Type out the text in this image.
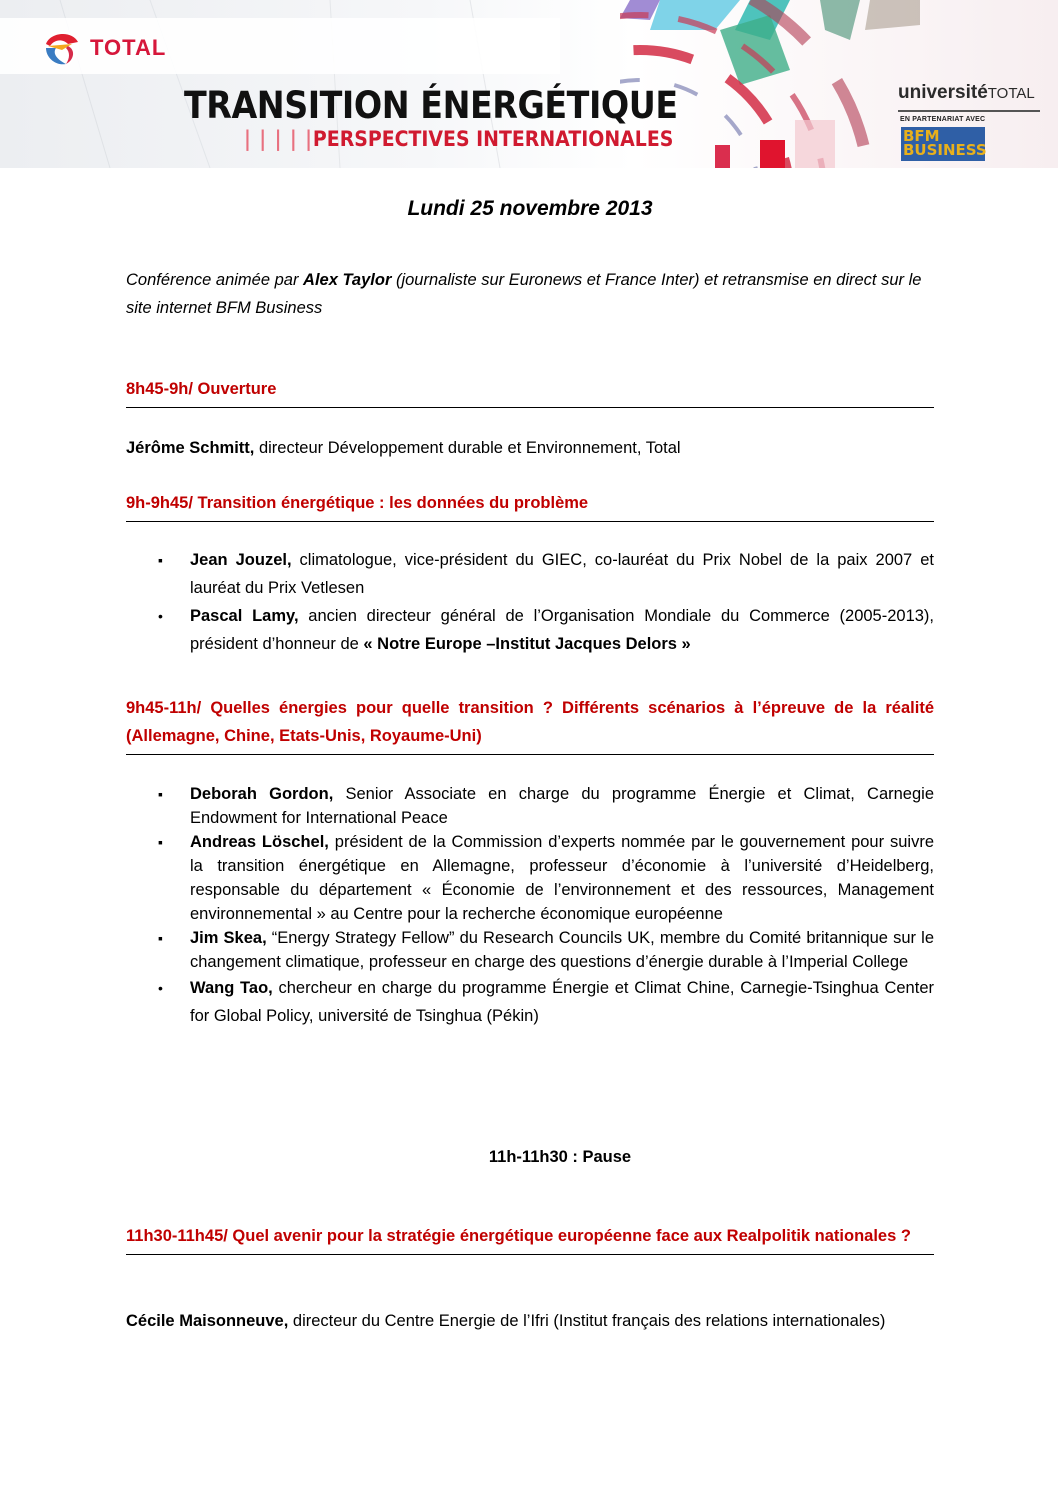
TOTAL
TRANSITION ÉNERGÉTIQUE
| | | | |PERSPECTIVES INTERNATIONALES
universitéTOTAL
EN PARTENARIAT AVEC
BFM
BUSINESS
Lundi 25 novembre 2013
Conférence animée par Alex Taylor (journaliste sur Euronews et France Inter) et retransmise en direct sur le site internet BFM Business
8h45-9h/ Ouverture
Jérôme Schmitt, directeur Développement durable et Environnement, Total
9h-9h45/ Transition énergétique : les données du problème
▪ Jean Jouzel, climatologue, vice-président du GIEC, co-lauréat du Prix Nobel de la paix 2007 et lauréat du Prix Vetlesen
• Pascal Lamy, ancien directeur général de l’Organisation Mondiale du Commerce (2005-2013), président d’honneur de « Notre Europe –Institut Jacques Delors »
9h45-11h/ Quelles énergies pour quelle transition ? Différents scénarios à l’épreuve de la réalité (Allemagne, Chine, Etats-Unis, Royaume-Uni)
▪ Deborah Gordon, Senior Associate en charge du programme Énergie et Climat, Carnegie Endowment for International Peace
▪ Andreas Löschel, président de la Commission d’experts nommée par le gouvernement pour suivre la transition énergétique en Allemagne, professeur d’économie à l’université d’Heidelberg, responsable du département « Économie de l’environnement et des ressources, Management environnemental » au Centre pour la recherche économique européenne
▪ Jim Skea, “Energy Strategy Fellow” du Research Councils UK, membre du Comité britannique sur le changement climatique, professeur en charge des questions d’énergie durable à l’Imperial College
• Wang Tao, chercheur en charge du programme Énergie et Climat Chine, Carnegie-Tsinghua Center for Global Policy, université de Tsinghua (Pékin)
11h-11h30 : Pause
11h30-11h45/ Quel avenir pour la stratégie énergétique européenne face aux Realpolitik nationales ?
Cécile Maisonneuve, directeur du Centre Energie de l’Ifri (Institut français des relations internationales)
